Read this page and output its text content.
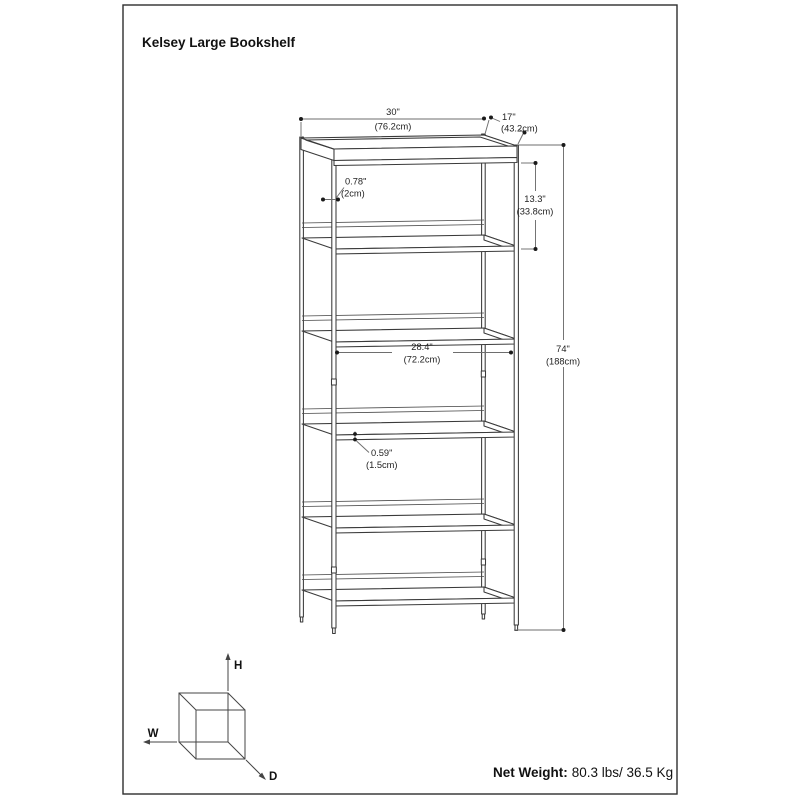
Kelsey Large Bookshelf
30"
(76.2cm)
17"
(43.2cm)
0.78"
(2cm)
13.3"
(33.8cm)
28.4"
(72.2cm)
0.59"
(1.5cm)
74"
(188cm)
H
W
D	Net Weight: 80.3 lbs/ 36.5 Kg
